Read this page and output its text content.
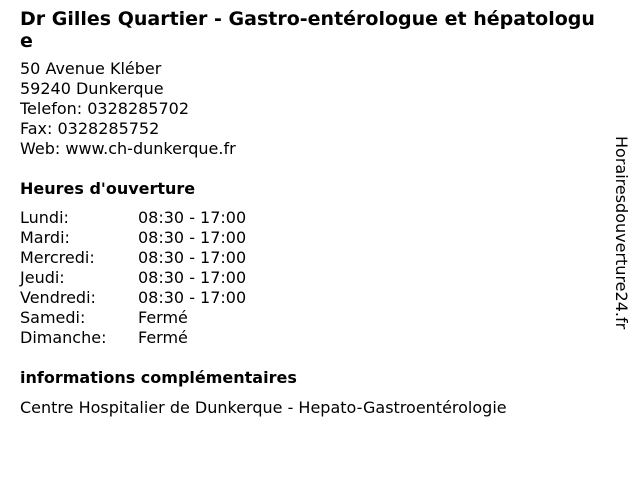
Dr Gilles Quartier - Gastro-entérologue et hépatologue
50 Avenue Kléber
59240 Dunkerque
Telefon: 0328285702
Fax: 0328285752
Web: www.ch-dunkerque.fr
Heures d'ouverture
Lundi:	08:30 - 17:00
Mardi:	08:30 - 17:00
Mercredi:	08:30 - 17:00
Jeudi:	08:30 - 17:00
Vendredi:	08:30 - 17:00
Samedi:	Fermé
Dimanche:	Fermé
informations complémentaires
Centre Hospitalier de Dunkerque - Hepato-Gastroentérologie
Horairesdouverture24.fr
